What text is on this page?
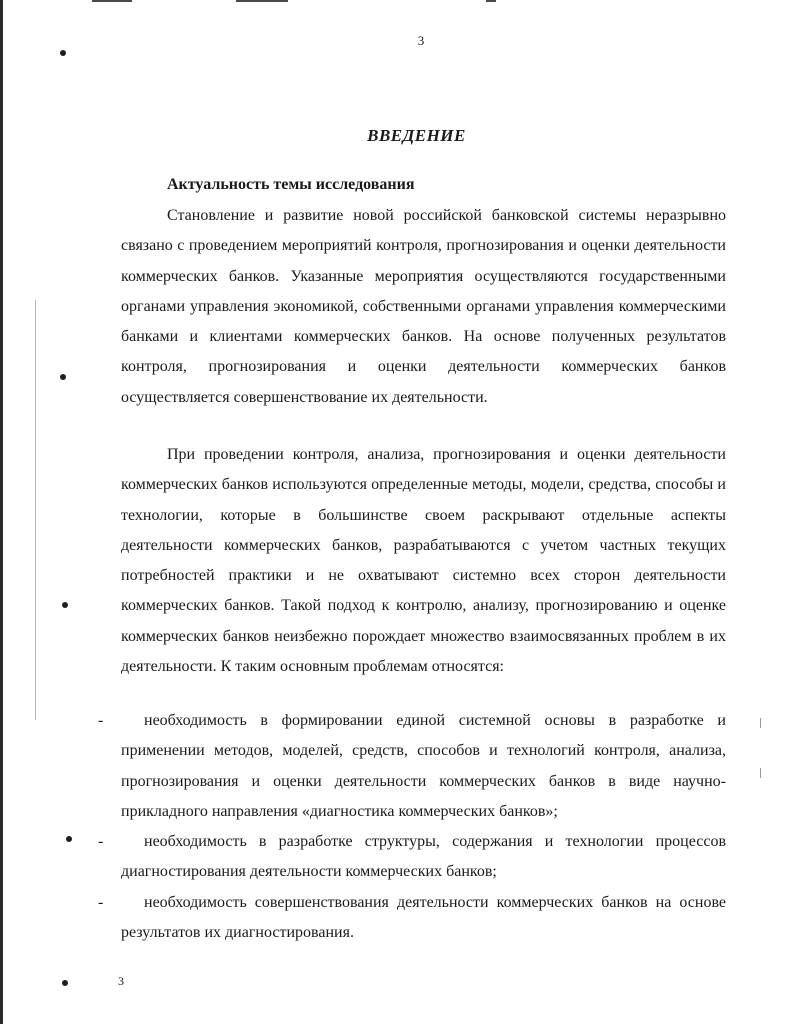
3
ВВЕДЕНИЕ
Актуальность темы исследования

Становление и развитие новой российской банковской системы неразрывно связано с проведением мероприятий контроля, прогнозирования и оценки деятельности коммерческих банков. Указанные мероприятия осуществляются государственными органами управления экономикой, собственными органами управления коммерческими банками и клиентами коммерческих банков. На основе полученных результатов контроля, прогнозирования и оценки деятельности коммерческих банков осуществляется совершенствование их деятельности.

При проведении контроля, анализа, прогнозирования и оценки деятельности коммерческих банков используются определенные методы, модели, средства, способы и технологии, которые в большинстве своем раскрывают отдельные аспекты деятельности коммерческих банков, разрабатываются с учетом частных текущих потребностей практики и не охватывают системно всех сторон деятельности коммерческих банков. Такой подход к контролю, анализу, прогнозированию и оценке коммерческих банков неизбежно порождает множество взаимосвязанных проблем в их деятельности. К таким основным проблемам относятся:

-	необходимость в формировании единой системной основы в разработке и применении методов, моделей, средств, способов и технологий контроля, анализа, прогнозирования и оценки деятельности коммерческих банков в виде научно-прикладного направления «диагностика коммерческих банков»;
-	необходимость в разработке структуры, содержания и технологии процессов диагностирования деятельности коммерческих банков;
-	необходимость совершенствования деятельности коммерческих банков на основе результатов их диагностирования.
3
